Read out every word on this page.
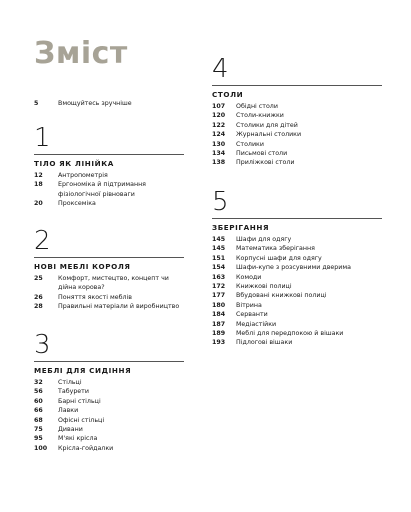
Зміст
5	Вмощуйтесь зручніше

1

ТІЛО ЯК ЛІНІЙКА

12	Антропометрія
18	Ергономіка й підтримання фізіологічної рівноваги
20	Проксеміка

2

НОВІ МЕБЛІ КОРОЛЯ

25	Комфорт, мистецтво, концепт чи дійна корова?
26	Поняття якості меблів
28	Правильні матеріали й виробництво

3

МЕБЛІ ДЛЯ СИДІННЯ

32	Стільці
56	Табурети
60	Барні стільці
66	Лавки
68	Офісні стільці
75	Дивани
95	М'які крісла
100	Крісла-гойдалки

4

СТОЛИ

107	Обідні столи
120	Столи-книжки
122	Столики для дітей
124	Журнальні столики
130	Столики
134	Письмові столи
138	Приліжкові столи

5

ЗБЕРІГАННЯ

145	Шафи для одягу
145	Математика зберігання
151	Корпусні шафи для одягу
154	Шафи-купе з розсувними дверима
163	Комоди
172	Книжкові полиці
177	Вбудовані книжкові полиці
180	Вітрина
184	Серванти
187	Медіастійки
189	Меблі для передпокою й вішаки
193	Підлогові вішаки
